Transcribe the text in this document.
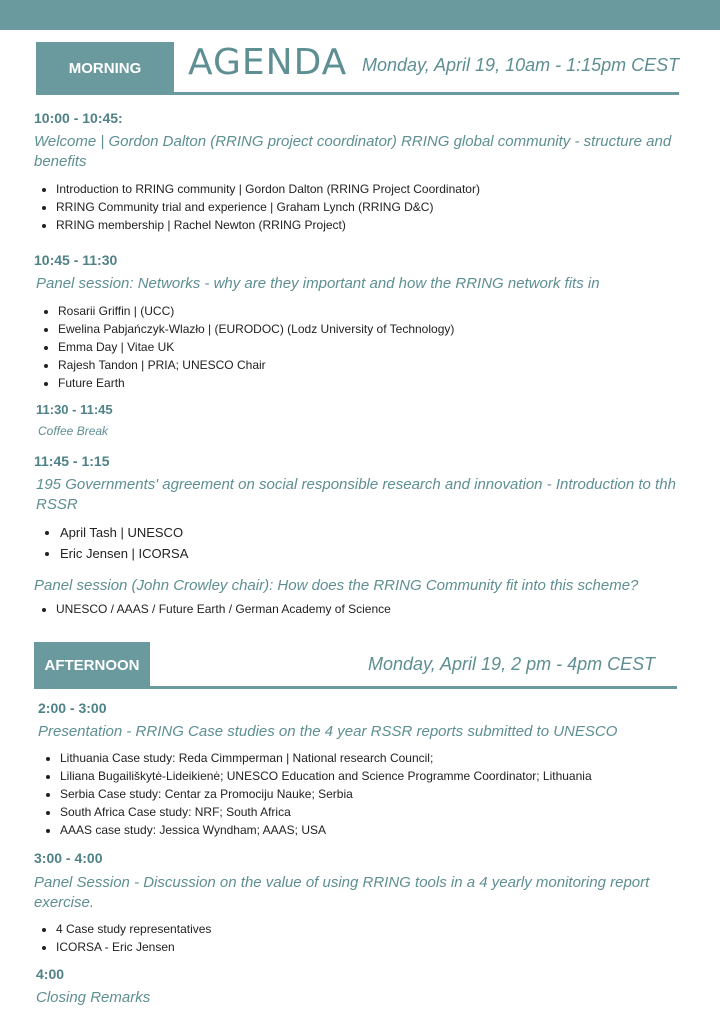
MORNING	AGENDA Monday, April 19, 10am - 1:15pm CEST
10:00 - 10:45:
Welcome | Gordon Dalton (RRING project coordinator) RRING global community - structure and benefits
• Introduction to RRING community | Gordon Dalton (RRING Project Coordinator)
• RRING Community trial and experience | Graham Lynch (RRING D&C)
• RRING membership | Rachel Newton (RRING Project)
10:45 - 11:30
Panel session: Networks - why are they important and how the RRING network fits in
• Rosarii Griffin | (UCC)
• Ewelina Pabjańczyk-Wlazło | (EURODOC) (Lodz University of Technology)
• Emma Day | Vitae UK
• Rajesh Tandon | PRIA; UNESCO Chair
• Future Earth
11:30 - 11:45
Coffee Break
11:45 - 1:15
195 Governments' agreement on social responsible research and innovation - Introduction to thh RSSR
• April Tash | UNESCO
• Eric Jensen | ICORSA
Panel session (John Crowley chair): How does the RRING Community fit into this scheme?
• UNESCO / AAAS / Future Earth / German Academy of Science
AFTERNOON	Monday, April 19, 2 pm - 4pm CEST
2:00 - 3:00
Presentation - RRING Case studies on the 4 year RSSR reports submitted to UNESCO
• Lithuania Case study: Reda Cimmperman | National research Council;
• Liliana Bugailiškytė-Lideikienė; UNESCO Education and Science Programme Coordinator; Lithuania
• Serbia Case study: Centar za Promociju Nauke; Serbia
• South Africa Case study: NRF; South Africa
• AAAS case study: Jessica Wyndham; AAAS; USA
3:00 - 4:00
Panel Session - Discussion on the value of using RRING tools in a 4 yearly monitoring report exercise.
• 4 Case study representatives
• ICORSA - Eric Jensen
4:00
Closing Remarks
